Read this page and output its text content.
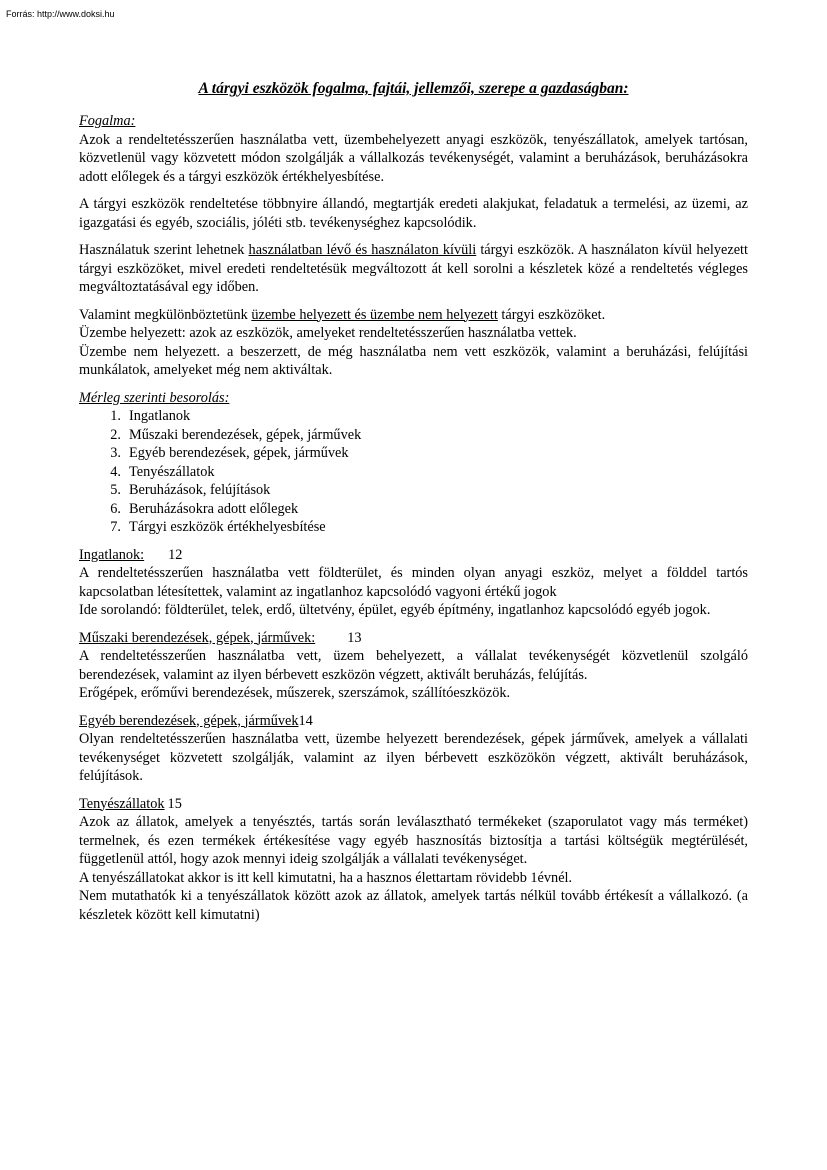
Forrás: http://www.doksi.hu
A tárgyi eszközök fogalma, fajtái, jellemzői, szerepe a gazdaságban:

Fogalma:

Azok a rendeltetésszerűen használatba vett, üzembehelyezett anyagi eszközök, tenyészállatok, amelyek tartósan, közvetlenül vagy közvetett módon szolgálják a vállalkozás tevékenységét, valamint a beruházások, beruházásokra adott előlegek és a tárgyi eszközök értékhelyesbítése.

A tárgyi eszközök rendeltetése többnyire állandó, megtartják eredeti alakjukat, feladatuk a termelési, az üzemi, az igazgatási és egyéb, szociális, jóléti stb. tevékenységhez kapcsolódik.

Használatuk szerint lehetnek használatban lévő és használaton kívüli tárgyi eszközök. A használaton kívül helyezett tárgyi eszközöket, mivel eredeti rendeltetésük megváltozott át kell sorolni a készletek közé a rendeltetés végleges megváltoztatásával egy időben.

Valamint megkülönböztetünk üzembe helyezett és üzembe nem helyezett tárgyi eszközöket.

Üzembe helyezett: azok az eszközök, amelyeket rendeltetésszerűen használatba vettek.

Üzembe nem helyezett. a beszerzett, de még használatba nem vett eszközök, valamint a beruházási, felújítási munkálatok, amelyeket még nem aktiváltak.

Mérleg szerinti besorolás:

1. Ingatlanok
2. Műszaki berendezések, gépek, járművek
3. Egyéb berendezések, gépek, járművek
4. Tenyészállatok
5. Beruházások, felújítások
6. Beruházásokra adott előlegek
7. Tárgyi eszközök értékhelyesbítése

Ingatlanok: 12

A rendeltetésszerűen használatba vett földterület, és minden olyan anyagi eszköz, melyet a földdel tartós kapcsolatban létesítettek, valamint az ingatlanhoz kapcsolódó vagyoni értékű jogok

Ide sorolandó: földterület, telek, erdő, ültetvény, épület, egyéb építmény, ingatlanhoz kapcsolódó egyéb jogok.

Műszaki berendezések, gépek, járművek: 13

A rendeltetésszerűen használatba vett, üzem behelyezett, a vállalat tevékenységét közvetlenül szolgáló berendezések, valamint az ilyen bérbevett eszközön végzett, aktivált beruházás, felújítás.

Erőgépek, erőművi berendezések, műszerek, szerszámok, szállítóeszközök.

Egyéb berendezések, gépek, járművek14

Olyan rendeltetésszerűen használatba vett, üzembe helyezett berendezések, gépek járművek, amelyek a vállalati tevékenységet közvetett szolgálják, valamint az ilyen bérbevett eszközökön végzett, aktivált beruházások, felújítások.

Tenyészállatok 15

Azok az állatok, amelyek a tenyésztés, tartás során leválasztható termékeket (szaporulatot vagy más terméket) termelnek, és ezen termékek értékesítése vagy egyéb hasznosítás biztosítja a tartási költségük megtérülését, függetlenül attól, hogy azok mennyi ideig szolgálják a vállalati tevékenységet.

A tenyészállatokat akkor is itt kell kimutatni, ha a hasznos élettartam rövidebb 1évnél.

Nem mutathatók ki a tenyészállatok között azok az állatok, amelyek tartás nélkül tovább értékesít a vállalkozó. (a készletek között kell kimutatni)
